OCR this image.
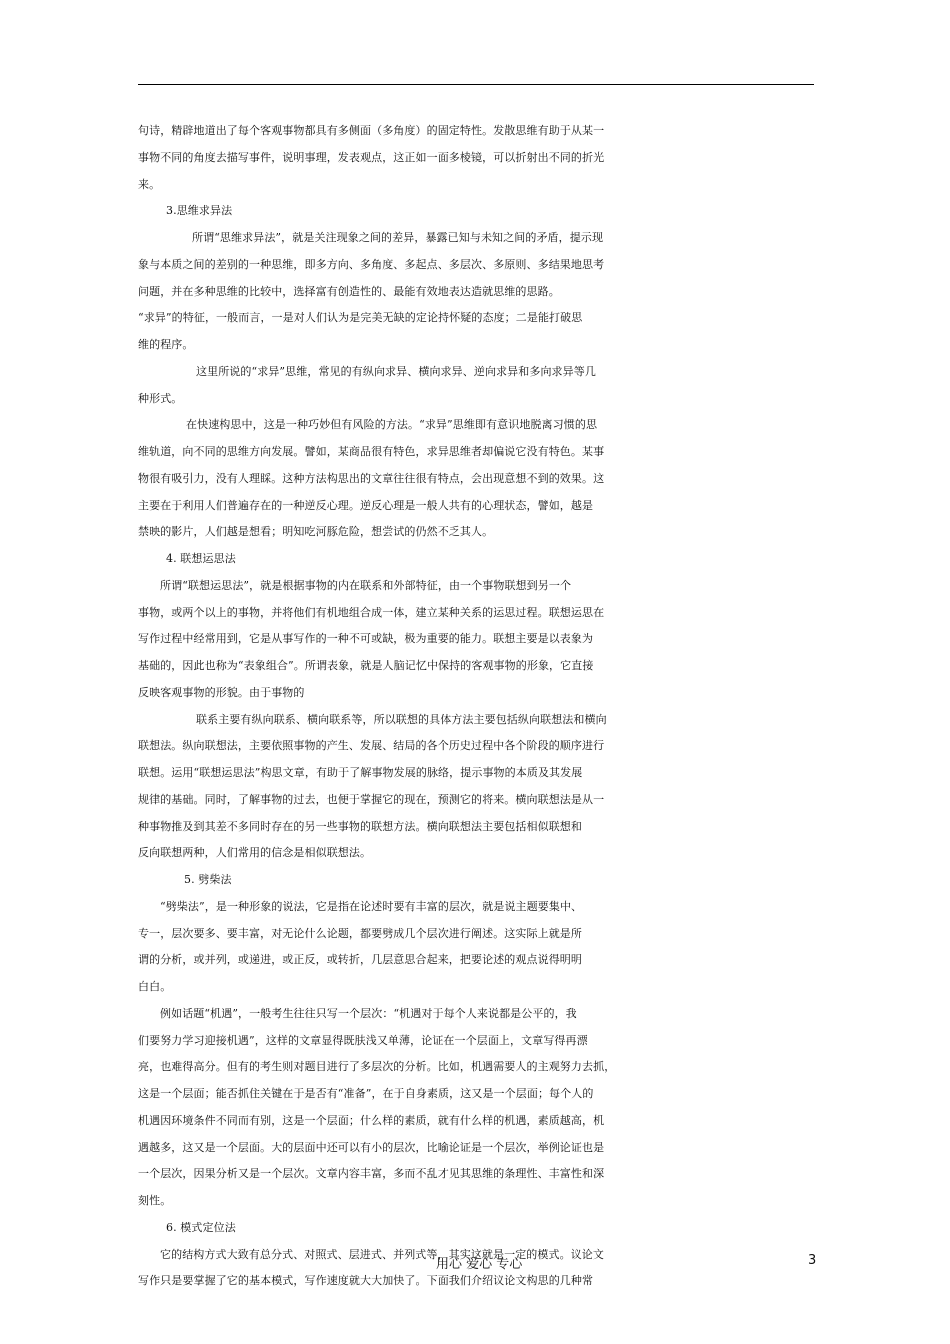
句诗，精辟地道出了每个客观事物都具有多侧面（多角度）的固定特性。发散思维有助于从某一
事物不同的角度去描写事件，说明事理，发表观点，这正如一面多棱镜，可以折射出不同的折光
来。
3.思维求异法
所谓“思维求异法”，就是关注现象之间的差异，暴露已知与未知之间的矛盾，提示现
象与本质之间的差别的一种思维，即多方向、多角度、多起点、多层次、多原则、多结果地思考
问题，并在多种思维的比较中，选择富有创造性的、最能有效地表达造就思维的思路。
“求异”的特征，一般而言，一是对人们认为是完美无缺的定论持怀疑的态度；二是能打破思
维的程序。
这里所说的“求异”思维，常见的有纵向求异、横向求异、逆向求异和多向求异等几
种形式。
在快速构思中，这是一种巧妙但有风险的方法。“求异”思维即有意识地脱离习惯的思
维轨道，向不同的思维方向发展。譬如，某商品很有特色，求异思维者却偏说它没有特色。某事
物很有吸引力，没有人理睬。这种方法构思出的文章往往很有特点，会出现意想不到的效果。这
主要在于利用人们普遍存在的一种逆反心理。逆反心理是一般人共有的心理状态，譬如，越是
禁映的影片，人们越是想看；明知吃河豚危险，想尝试的仍然不乏其人。
4. 联想运思法
所谓“联想运思法”，就是根据事物的内在联系和外部特征，由一个事物联想到另一个
事物，或两个以上的事物，并将他们有机地组合成一体，建立某种关系的运思过程。联想运思在
写作过程中经常用到，它是从事写作的一种不可或缺，极为重要的能力。联想主要是以表象为
基础的，因此也称为“表象组合”。所谓表象，就是人脑记忆中保持的客观事物的形象，它直接
反映客观事物的形貌。由于事物的
联系主要有纵向联系、横向联系等，所以联想的具体方法主要包括纵向联想法和横向
联想法。纵向联想法，主要依照事物的产生、发展、结局的各个历史过程中各个阶段的顺序进行
联想。运用“联想运思法”构思文章，有助于了解事物发展的脉络，提示事物的本质及其发展
规律的基础。同时，了解事物的过去，也便于掌握它的现在，预测它的将来。横向联想法是从一
种事物推及到其差不多同时存在的另一些事物的联想方法。横向联想法主要包括相似联想和
反向联想两种，人们常用的信念是相似联想法。
5. 劈柴法
“劈柴法”，是一种形象的说法，它是指在论述时要有丰富的层次，就是说主题要集中、
专一，层次要多、要丰富，对无论什么论题，都要劈成几个层次进行阐述。这实际上就是所
谓的分析，或并列，或递进，或正反，或转折，几层意思合起来，把要论述的观点说得明明
白白。
例如话题“机遇”，一般考生往往只写一个层次：“机遇对于每个人来说都是公平的，我
们要努力学习迎接机遇”，这样的文章显得既肤浅又单薄，论证在一个层面上，文章写得再漂
亮，也难得高分。但有的考生则对题目进行了多层次的分析。比如，机遇需要人的主观努力去抓，
这是一个层面；能否抓住关键在于是否有“准备”，在于自身素质，这又是一个层面；每个人的
机遇因环境条件不同而有别，这是一个层面；什么样的素质，就有什么样的机遇，素质越高，机
遇越多，这又是一个层面。大的层面中还可以有小的层次，比喻论证是一个层次，举例论证也是
一个层次，因果分析又是一个层次。文章内容丰富，多而不乱才见其思维的条理性、丰富性和深
刻性。
6. 模式定位法
它的结构方式大致有总分式、对照式、层进式、并列式等，其实这就是一定的模式。议论文
写作只是要掌握了它的基本模式，写作速度就大大加快了。下面我们介绍议论文构思的几种常
用心 爱心 专心	3
